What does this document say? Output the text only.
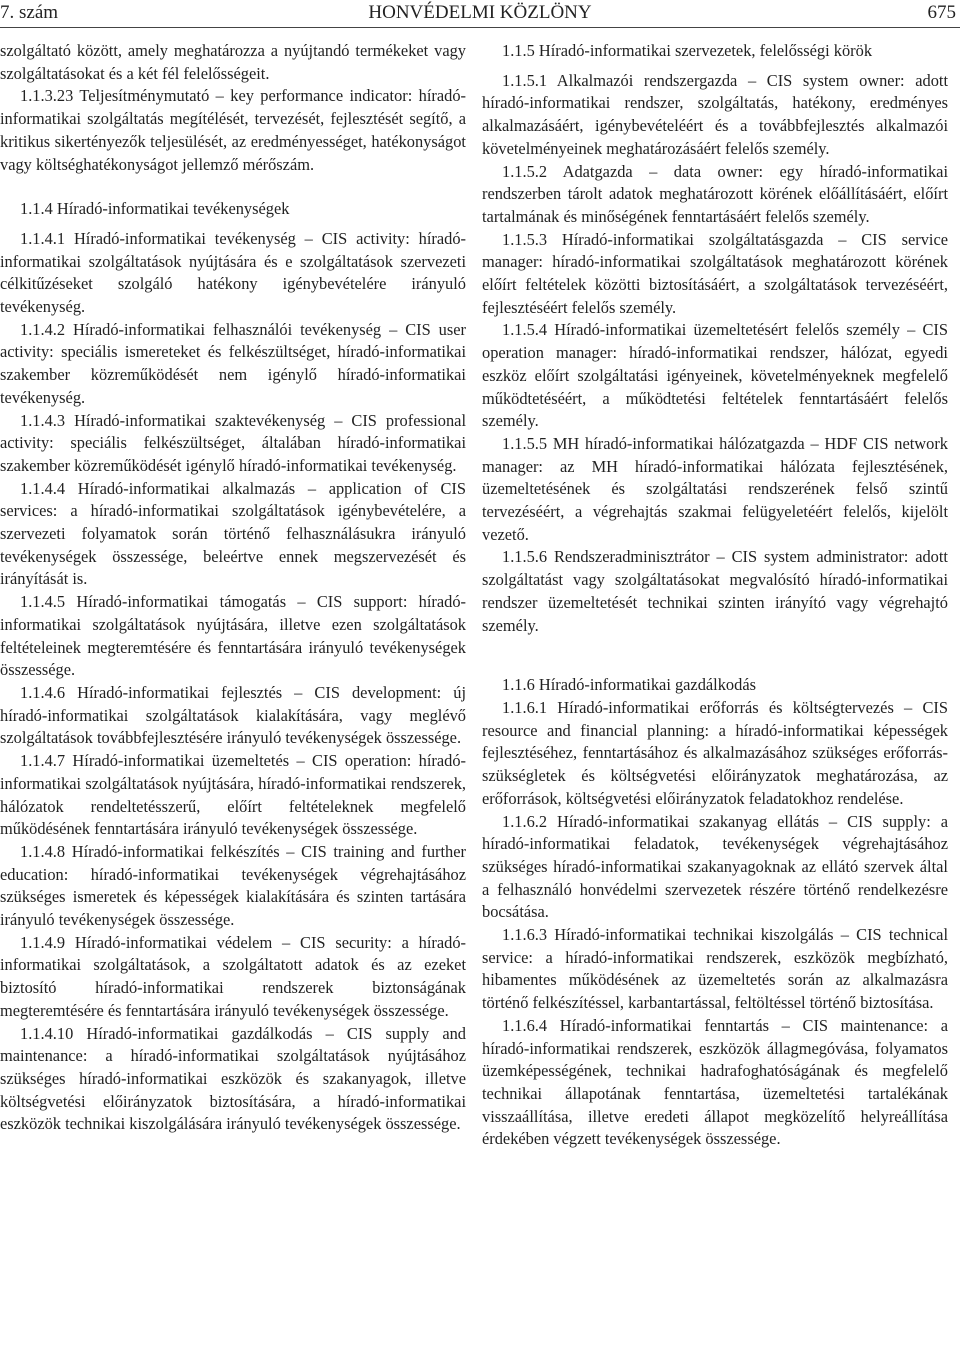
7. szám	HONVÉDELMI KÖZLÖNY	675

szolgáltató között, amely meghatározza a nyújtandó termékeket vagy szolgáltatásokat és a két fél felelősségeit.

1.1.3.23 Teljesítménymutató – key performance indicator: híradó-informatikai szolgáltatás megítélését, tervezését, fejlesztését segítő, a kritikus sikertényezők teljesülését, az eredményességet, hatékonyságot vagy költséghatékonyságot jellemző mérőszám.

1.1.4 Híradó-informatikai tevékenységek

1.1.4.1 Híradó-informatikai tevékenység – CIS activity: híradó-informatikai szolgáltatások nyújtására és e szolgáltatások szervezeti célkitűzéseket szolgáló hatékony igénybevételére irányuló tevékenység.

1.1.4.2 Híradó-informatikai felhasználói tevékenység – CIS user activity: speciális ismereteket és felkészültséget, híradó-informatikai szakember közreműködését nem igénylő híradó-informatikai tevékenység.

1.1.4.3 Híradó-informatikai szaktevékenység – CIS professional activity: speciális felkészültséget, általában híradó-informatikai szakember közreműködését igénylő híradó-informatikai tevékenység.

1.1.4.4 Híradó-informatikai alkalmazás – application of CIS services: a híradó-informatikai szolgáltatások igénybevételére, a szervezeti folyamatok során történő felhasználásukra irányuló tevékenységek összessége, beleértve ennek megszervezését és irányítását is.

1.1.4.5 Híradó-informatikai támogatás – CIS support: híradó-informatikai szolgáltatások nyújtására, illetve ezen szolgáltatások feltételeinek megteremtésére és fenntartására irányuló tevékenységek összessége.

1.1.4.6 Híradó-informatikai fejlesztés – CIS development: új híradó-informatikai szolgáltatások kialakítására, vagy meglévő szolgáltatások továbbfejlesztésére irányuló tevékenységek összessége.

1.1.4.7 Híradó-informatikai üzemeltetés – CIS operation: híradó-informatikai szolgáltatások nyújtására, híradó-informatikai rendszerek, hálózatok rendeltetésszerű, előírt feltételeknek megfelelő működésének fenntartására irányuló tevékenységek összessége.

1.1.4.8 Híradó-informatikai felkészítés – CIS training and further education: híradó-informatikai tevékenységek végrehajtásához szükséges ismeretek és képességek kialakítására és szinten tartására irányuló tevékenységek összessége.

1.1.4.9 Híradó-informatikai védelem – CIS security: a híradó-informatikai szolgáltatások, a szolgáltatott adatok és az ezeket biztosító híradó-informatikai rendszerek biztonságának megteremtésére és fenntartására irányuló tevékenységek összessége.

1.1.4.10 Híradó-informatikai gazdálkodás – CIS supply and maintenance: a híradó-informatikai szolgáltatások nyújtásához szükséges híradó-informatikai eszközök és szakanyagok, illetve költségvetési előirányzatok biztosítására, a híradó-informatikai eszközök technikai kiszolgálására irányuló tevékenységek összessége.

1.1.5 Híradó-informatikai szervezetek, felelősségi körök

1.1.5.1 Alkalmazói rendszergazda – CIS system owner: adott híradó-informatikai rendszer, szolgáltatás, hatékony, eredményes alkalmazásáért, igénybevételéért és a továbbfejlesztés alkalmazói követelményeinek meghatározásáért felelős személy.

1.1.5.2 Adatgazda – data owner: egy híradó-informatikai rendszerben tárolt adatok meghatározott körének előállításáért, előírt tartalmának és minőségének fenntartásáért felelős személy.

1.1.5.3 Híradó-informatikai szolgáltatásgazda – CIS service manager: híradó-informatikai szolgáltatások meghatározott körének előírt feltételek közötti biztosításáért, a szolgáltatások tervezéséért, fejlesztéséért felelős személy.

1.1.5.4 Híradó-informatikai üzemeltetésért felelős személy – CIS operation manager: híradó-informatikai rendszer, hálózat, egyedi eszköz előírt szolgáltatási igényeinek, követelményeknek megfelelő működtetéséért, a működtetési feltételek fenntartásáért felelős személy.

1.1.5.5 MH híradó-informatikai hálózatgazda – HDF CIS network manager: az MH híradó-informatikai hálózata fejlesztésének, üzemeltetésének és szolgáltatási rendszerének felső szintű tervezéséért, a végrehajtás szakmai felügyeletéért felelős, kijelölt vezető.

1.1.5.6 Rendszeradminisztrátor – CIS system administrator: adott szolgáltatást vagy szolgáltatásokat megvalósító híradó-informatikai rendszer üzemeltetését technikai szinten irányító vagy végrehajtó személy.

1.1.6 Híradó-informatikai gazdálkodás

1.1.6.1 Híradó-informatikai erőforrás és költségtervezés – CIS resource and financial planning: a híradó-informatikai képességek fejlesztéséhez, fenntartásához és alkalmazásához szükséges erőforrás-szükségletek és költségvetési előirányzatok meghatározása, az erőforrások, költségvetési előirányzatok feladatokhoz rendelése.

1.1.6.2 Híradó-informatikai szakanyag ellátás – CIS supply: a híradó-informatikai feladatok, tevékenységek végrehajtásához szükséges híradó-informatikai szakanyagoknak az ellátó szervek által a felhasználó honvédelmi szervezetek részére történő rendelkezésre bocsátása.

1.1.6.3 Híradó-informatikai technikai kiszolgálás – CIS technical service: a híradó-informatikai rendszerek, eszközök megbízható, hibamentes működésének az üzemeltetés során az alkalmazásra történő felkészítéssel, karbantartással, feltöltéssel történő biztosítása.

1.1.6.4 Híradó-informatikai fenntartás – CIS maintenance: a híradó-informatikai rendszerek, eszközök állagmegóvása, folyamatos üzemképességének, technikai hadrafoghatóságának és megfelelő technikai állapotának fenntartása, üzemeltetési tartalékának visszaállítása, illetve eredeti állapot megközelítő helyreállítása érdekében végzett tevékenységek összessége.
